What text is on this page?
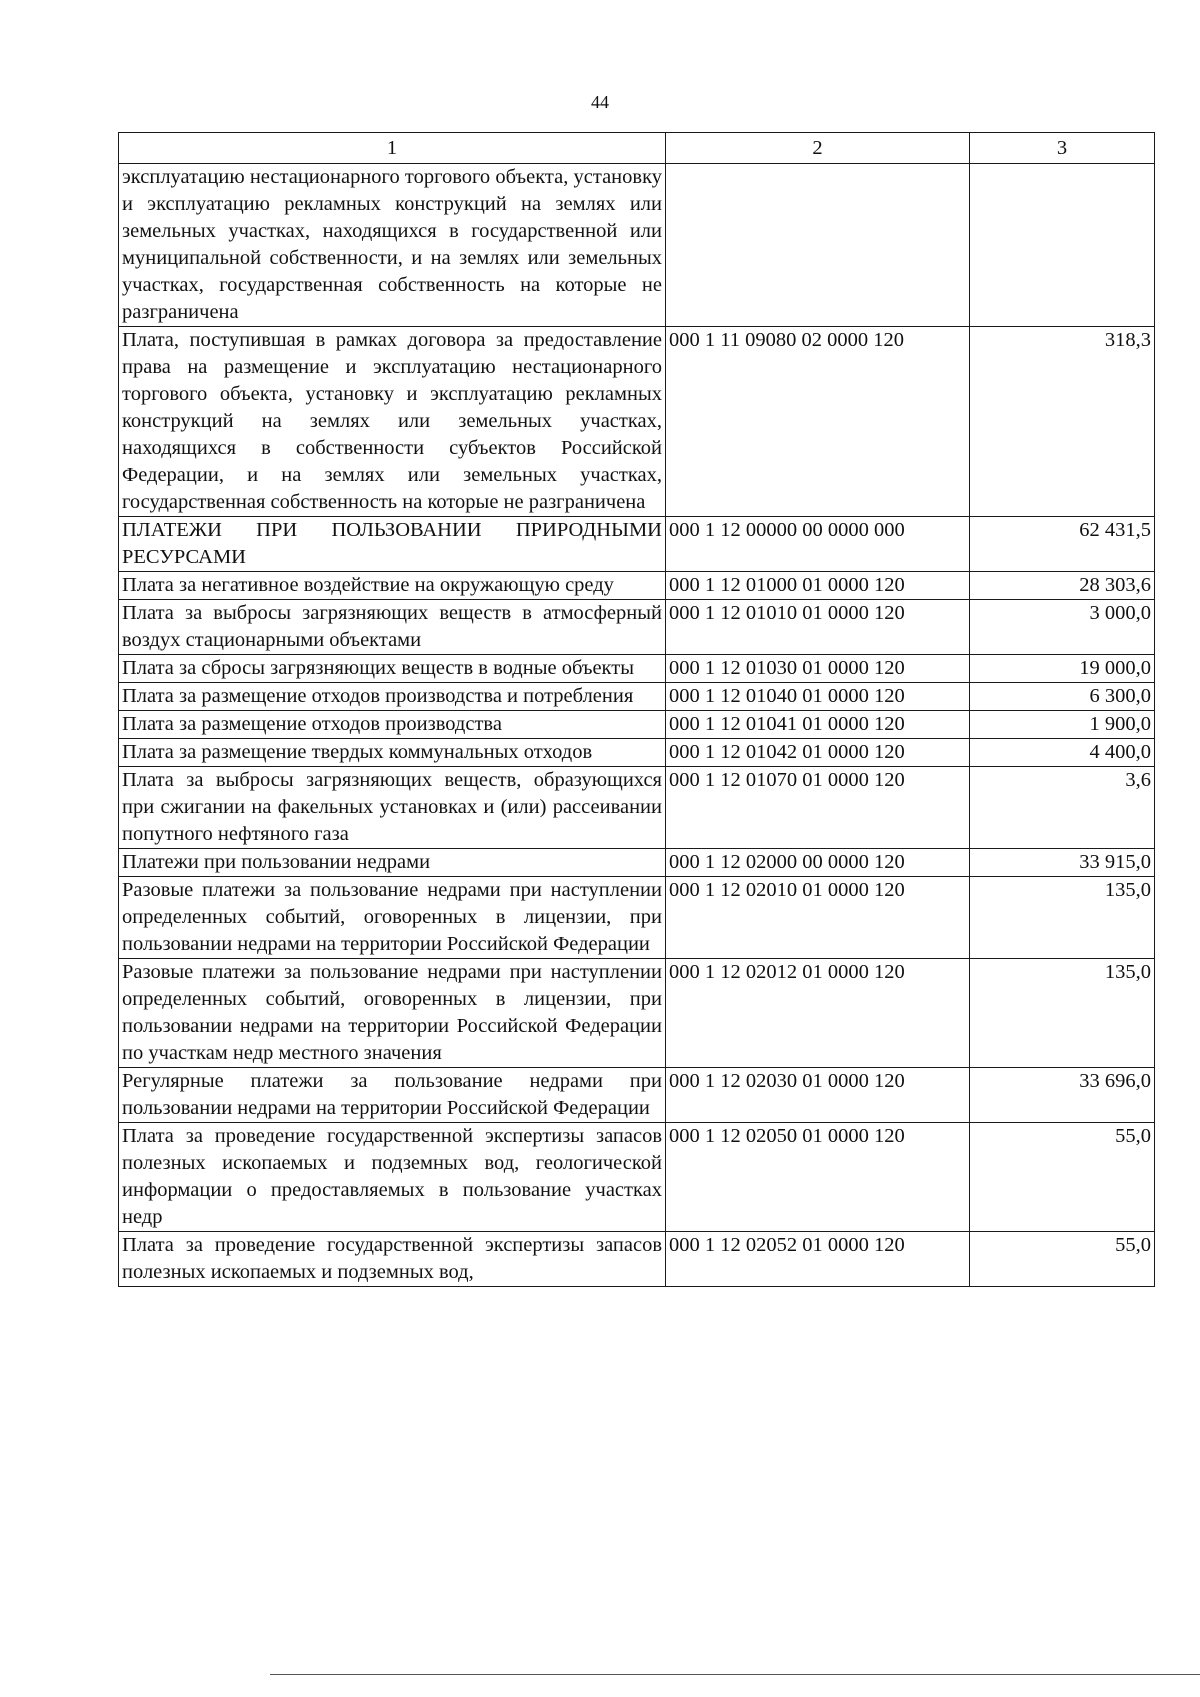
44
1	2	3
эксплуатацию нестационарного торгового объекта, установку и эксплуатацию рекламных конструкций на землях или земельных участках, находящихся в государственной или муниципальной собственности, и на землях или земельных участках, государственная собственность на которые не разграничена		
Плата, поступившая в рамках договора за предоставление права на размещение и эксплуатацию нестационарного торгового объекта, установку и эксплуатацию рекламных конструкций на землях или земельных участках, находящихся в собственности субъектов Российской Федерации, и на землях или земельных участках, государственная собственность на которые не разграничена	000 1 11 09080 02 0000 120	318,3
ПЛАТЕЖИ ПРИ ПОЛЬЗОВАНИИ ПРИРОДНЫМИ РЕСУРСАМИ	000 1 12 00000 00 0000 000	62 431,5
Плата за негативное воздействие на окружающую среду	000 1 12 01000 01 0000 120	28 303,6
Плата за выбросы загрязняющих веществ в атмосферный воздух стационарными объектами	000 1 12 01010 01 0000 120	3 000,0
Плата за сбросы загрязняющих веществ в водные объекты	000 1 12 01030 01 0000 120	19 000,0
Плата за размещение отходов производства и потребления	000 1 12 01040 01 0000 120	6 300,0
Плата за размещение отходов производства	000 1 12 01041 01 0000 120	1 900,0
Плата за размещение твердых коммунальных отходов	000 1 12 01042 01 0000 120	4 400,0
Плата за выбросы загрязняющих веществ, образующихся при сжигании на факельных установках и (или) рассеивании попутного нефтяного газа	000 1 12 01070 01 0000 120	3,6
Платежи при пользовании недрами	000 1 12 02000 00 0000 120	33 915,0
Разовые платежи за пользование недрами при наступлении определенных событий, оговоренных в лицензии, при пользовании недрами на территории Российской Федерации	000 1 12 02010 01 0000 120	135,0
Разовые платежи за пользование недрами при наступлении определенных событий, оговоренных в лицензии, при пользовании недрами на территории Российской Федерации по участкам недр местного значения	000 1 12 02012 01 0000 120	135,0
Регулярные платежи за пользование недрами при пользовании недрами на территории Российской Федерации	000 1 12 02030 01 0000 120	33 696,0
Плата за проведение государственной экспертизы запасов полезных ископаемых и подземных вод, геологической информации о предоставляемых в пользование участках недр	000 1 12 02050 01 0000 120	55,0
Плата за проведение государственной экспертизы запасов полезных ископаемых и подземных вод,	000 1 12 02052 01 0000 120	55,0
